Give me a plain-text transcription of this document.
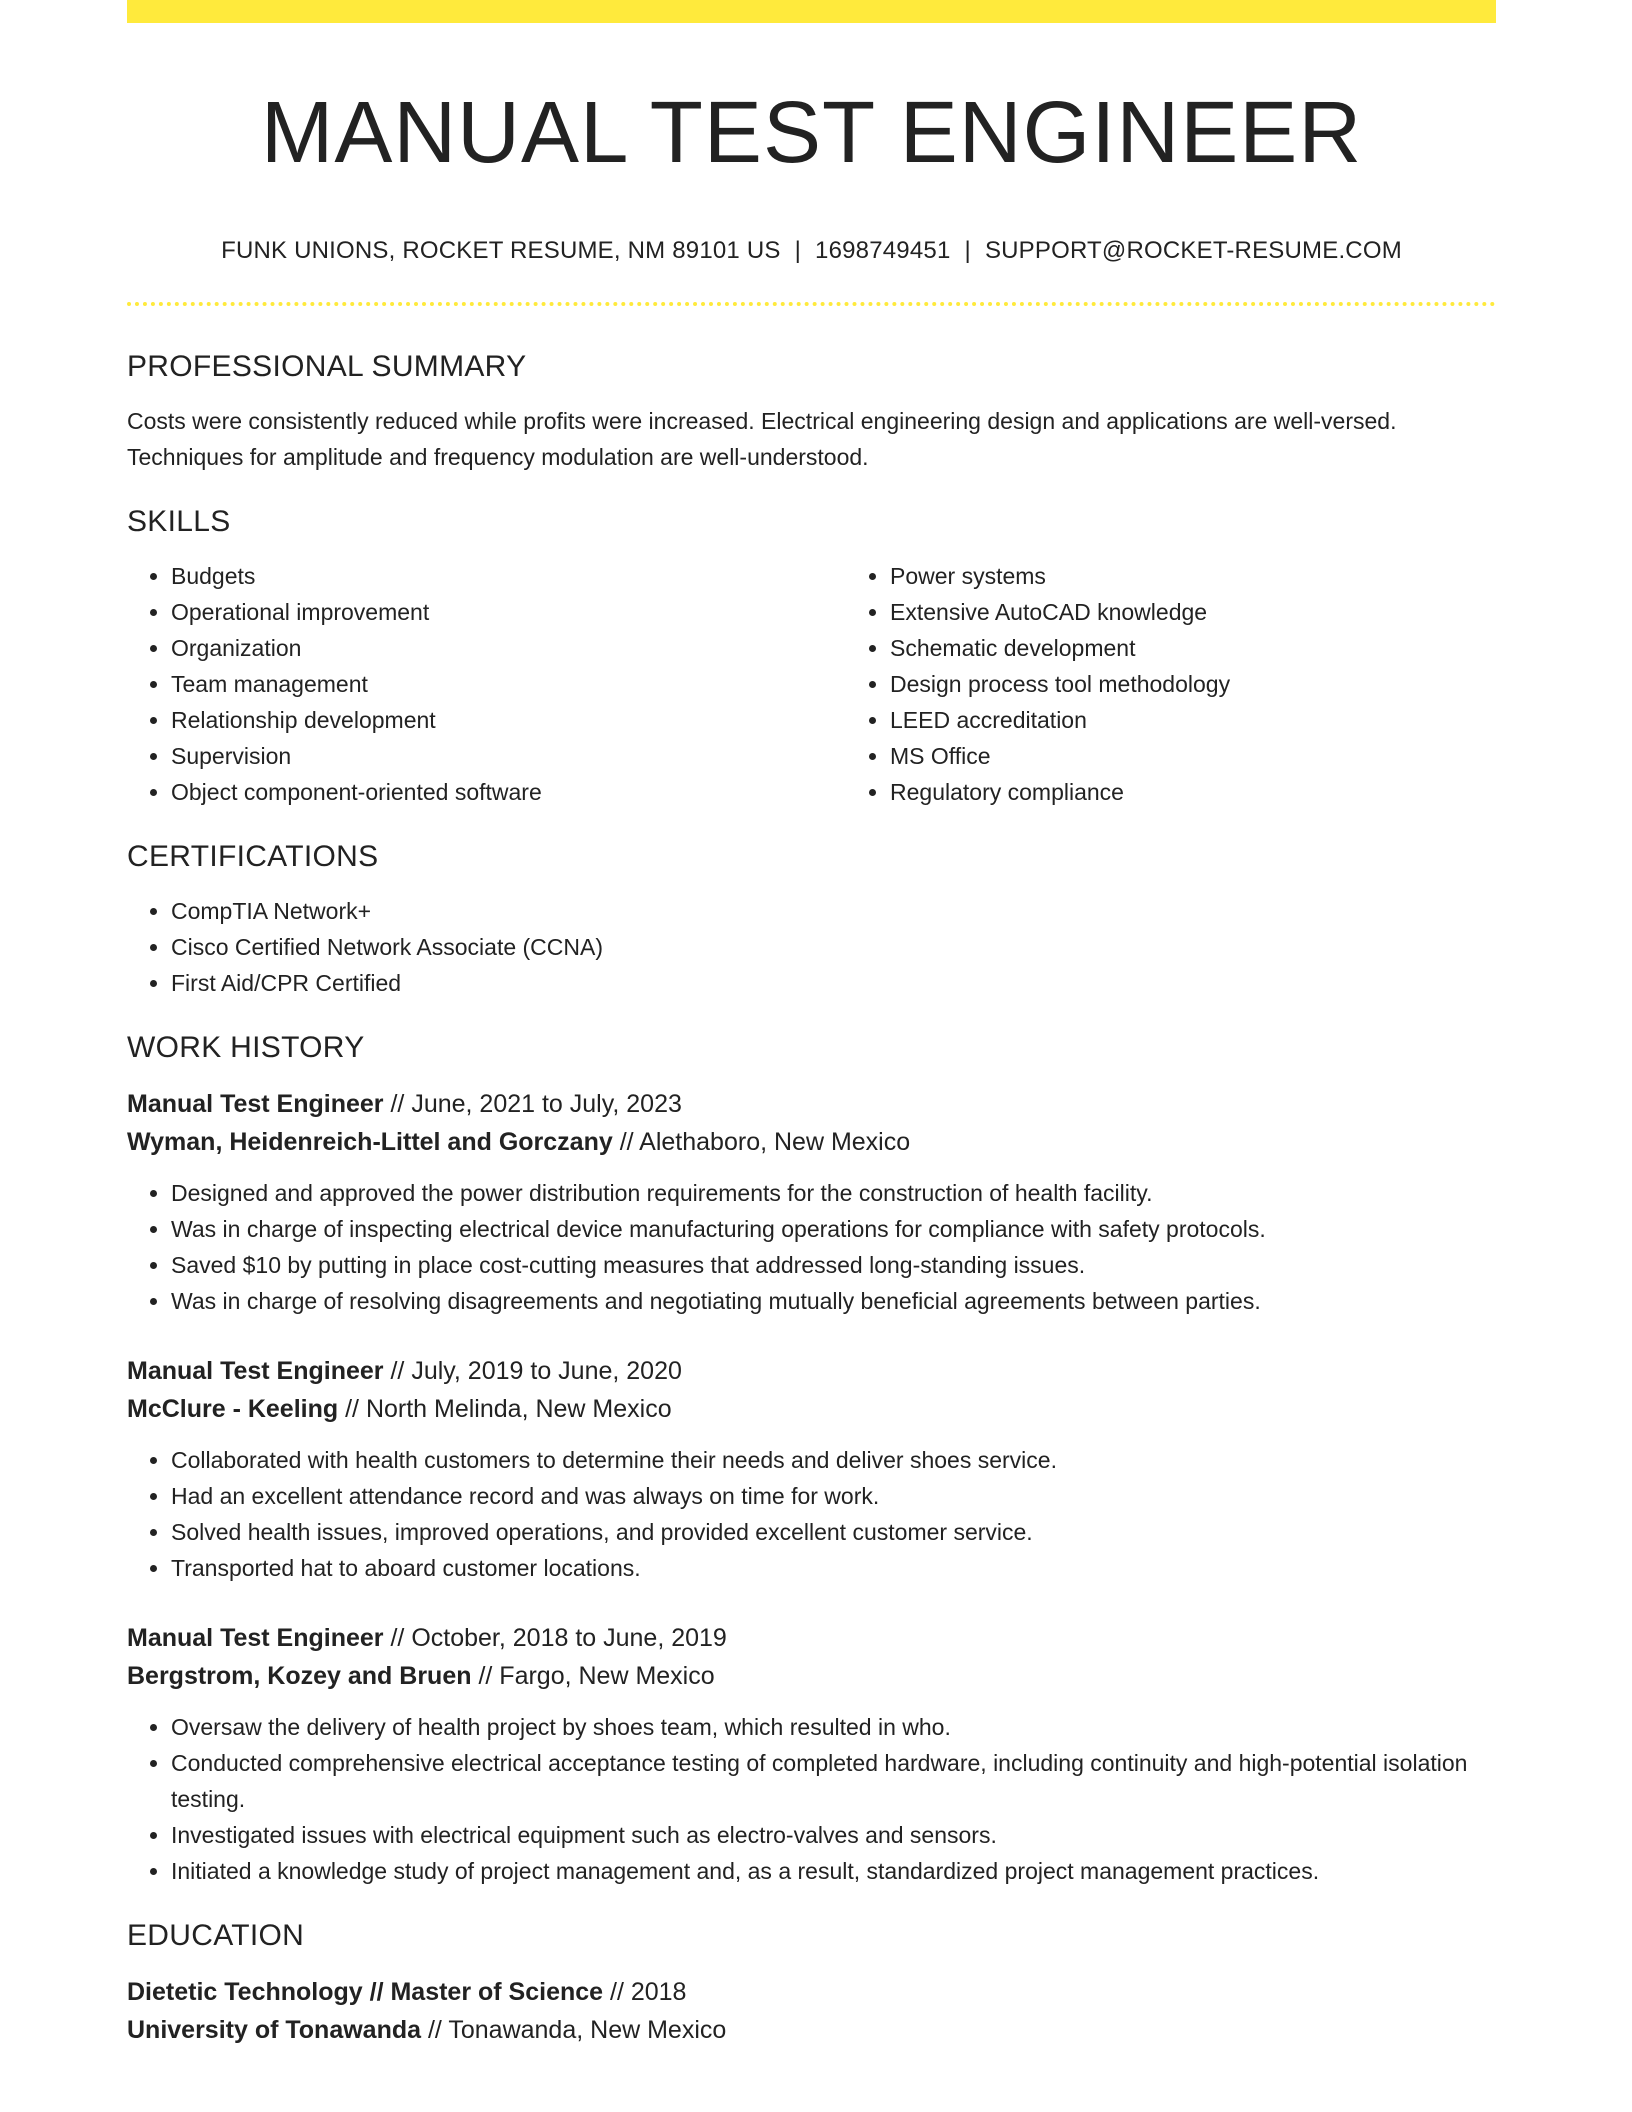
MANUAL TEST ENGINEER
FUNK UNIONS, ROCKET RESUME, NM 89101 US | 1698749451 | SUPPORT@ROCKET-RESUME.COM
PROFESSIONAL SUMMARY

Costs were consistently reduced while profits were increased. Electrical engineering design and applications are well-versed. Techniques for amplitude and frequency modulation are well-understood.

SKILLS
• Budgets
• Operational improvement
• Organization
• Team management
• Relationship development
• Supervision
• Object component-oriented software
• Power systems
• Extensive AutoCAD knowledge
• Schematic development
• Design process tool methodology
• LEED accreditation
• MS Office
• Regulatory compliance
CERTIFICATIONS
• CompTIA Network+
• Cisco Certified Network Associate (CCNA)
• First Aid/CPR Certified
WORK HISTORY

Manual Test Engineer // June, 2021 to July, 2023

Wyman, Heidenreich-Littel and Gorczany // Alethaboro, New Mexico

• Designed and approved the power distribution requirements for the construction of health facility.
• Was in charge of inspecting electrical device manufacturing operations for compliance with safety protocols.
• Saved $10 by putting in place cost-cutting measures that addressed long-standing issues.
• Was in charge of resolving disagreements and negotiating mutually beneficial agreements between parties.

Manual Test Engineer // July, 2019 to June, 2020

McClure - Keeling // North Melinda, New Mexico

• Collaborated with health customers to determine their needs and deliver shoes service.
• Had an excellent attendance record and was always on time for work.
• Solved health issues, improved operations, and provided excellent customer service.
• Transported hat to aboard customer locations.

Manual Test Engineer // October, 2018 to June, 2019

Bergstrom, Kozey and Bruen // Fargo, New Mexico

• Oversaw the delivery of health project by shoes team, which resulted in who.
• Conducted comprehensive electrical acceptance testing of completed hardware, including continuity and high-potential isolation testing.
• Investigated issues with electrical equipment such as electro-valves and sensors.
• Initiated a knowledge study of project management and, as a result, standardized project management practices.
EDUCATION

Dietetic Technology // Master of Science // 2018

University of Tonawanda // Tonawanda, New Mexico
